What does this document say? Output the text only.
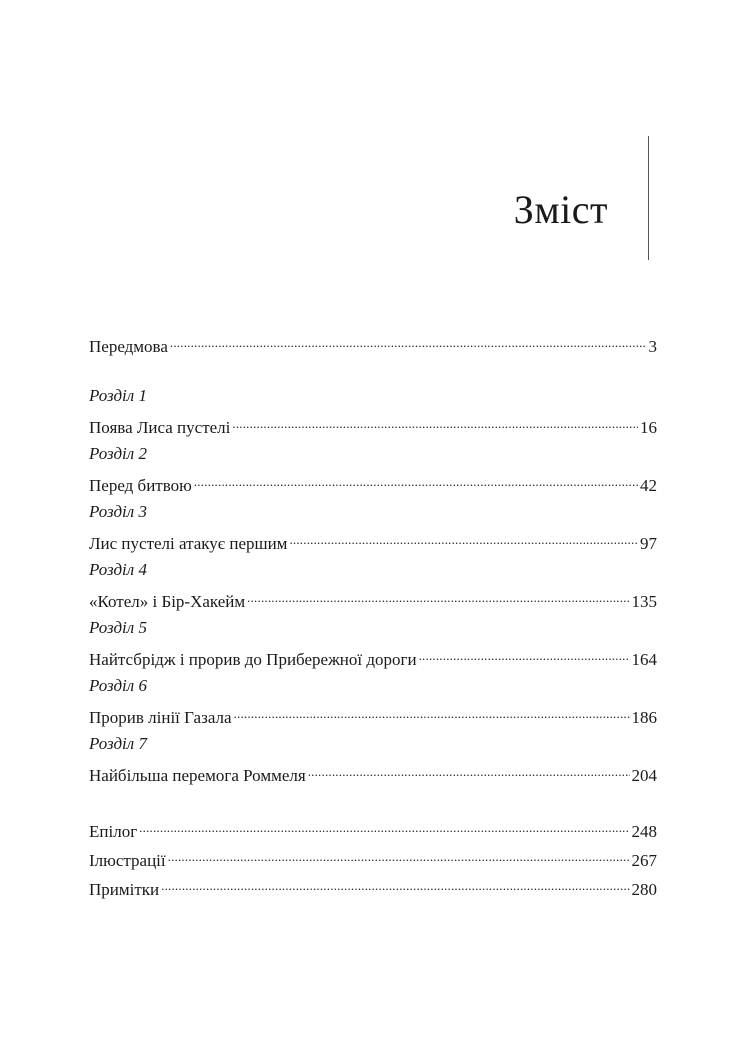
Зміст
Передмова .....	3
Розділ 1
Поява Лиса пустелі .....	16
Розділ 2
Перед битвою .....	42
Розділ 3
Лис пустелі атакує першим .....	97
Розділ 4
«Котел» і Бір-Хакейм .....	135
Розділ 5
Найтсбрідж і прорив до Прибережної дороги .....	164
Розділ 6
Прорив лінії Газала .....	186
Розділ 7
Найбільша перемога Роммеля .....	204
Епілог .....	248
Ілюстрації .....	267
Примітки .....	280
